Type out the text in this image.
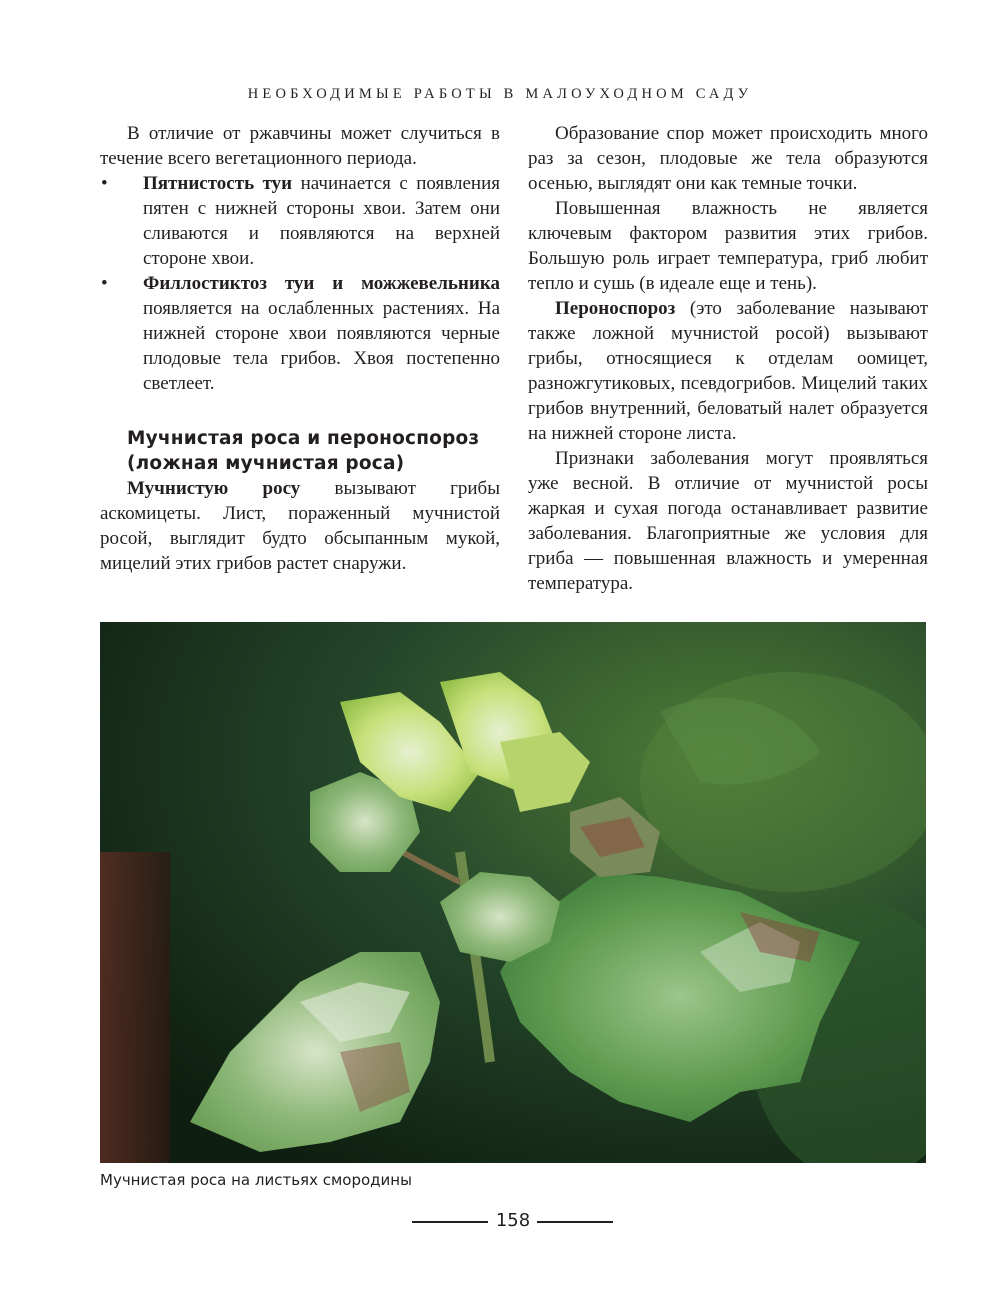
НЕОБХОДИМЫЕ РАБОТЫ В МАЛОУХОДНОМ САДУ

В отличие от ржавчины может случиться в течение всего вегетационного периода.

•	Пятнистость туи начинается с появления пятен с нижней стороны хвои. Затем они сливаются и появляются на верхней стороне хвои.
•	Филлостиктоз туи и можжевельника появляется на ослабленных растениях. На нижней стороне хвои появляются черные плодовые тела грибов. Хвоя постепенно светлеет.
Мучнистая роса и пероноспороз (ложная мучнистая роса)

Мучнистую росу вызывают грибы аскомицеты. Лист, пораженный мучнистой росой, выглядит будто обсыпанным мукой, мицелий этих грибов растет снаружи.

Образование спор может происходить много раз за сезон, плодовые же тела образуются осенью, выглядят они как темные точки.

Повышенная влажность не является ключевым фактором развития этих грибов. Большую роль играет температура, гриб любит тепло и сушь (в идеале еще и тень).

Пероноспороз (это заболевание называют также ложной мучнистой росой) вызывают грибы, относящиеся к отделам оомицет, разножгутиковых, псевдогрибов. Мицелий таких грибов внутренний, беловатый налет образуется на нижней стороне листа.

Признаки заболевания могут проявляться уже весной. В отличие от мучнистой росы жаркая и сухая погода останавливает развитие заболевания. Благоприятные же условия для гриба — повышенная влажность и умеренная температура.

Мучнистая роса на листьях смородины
158
